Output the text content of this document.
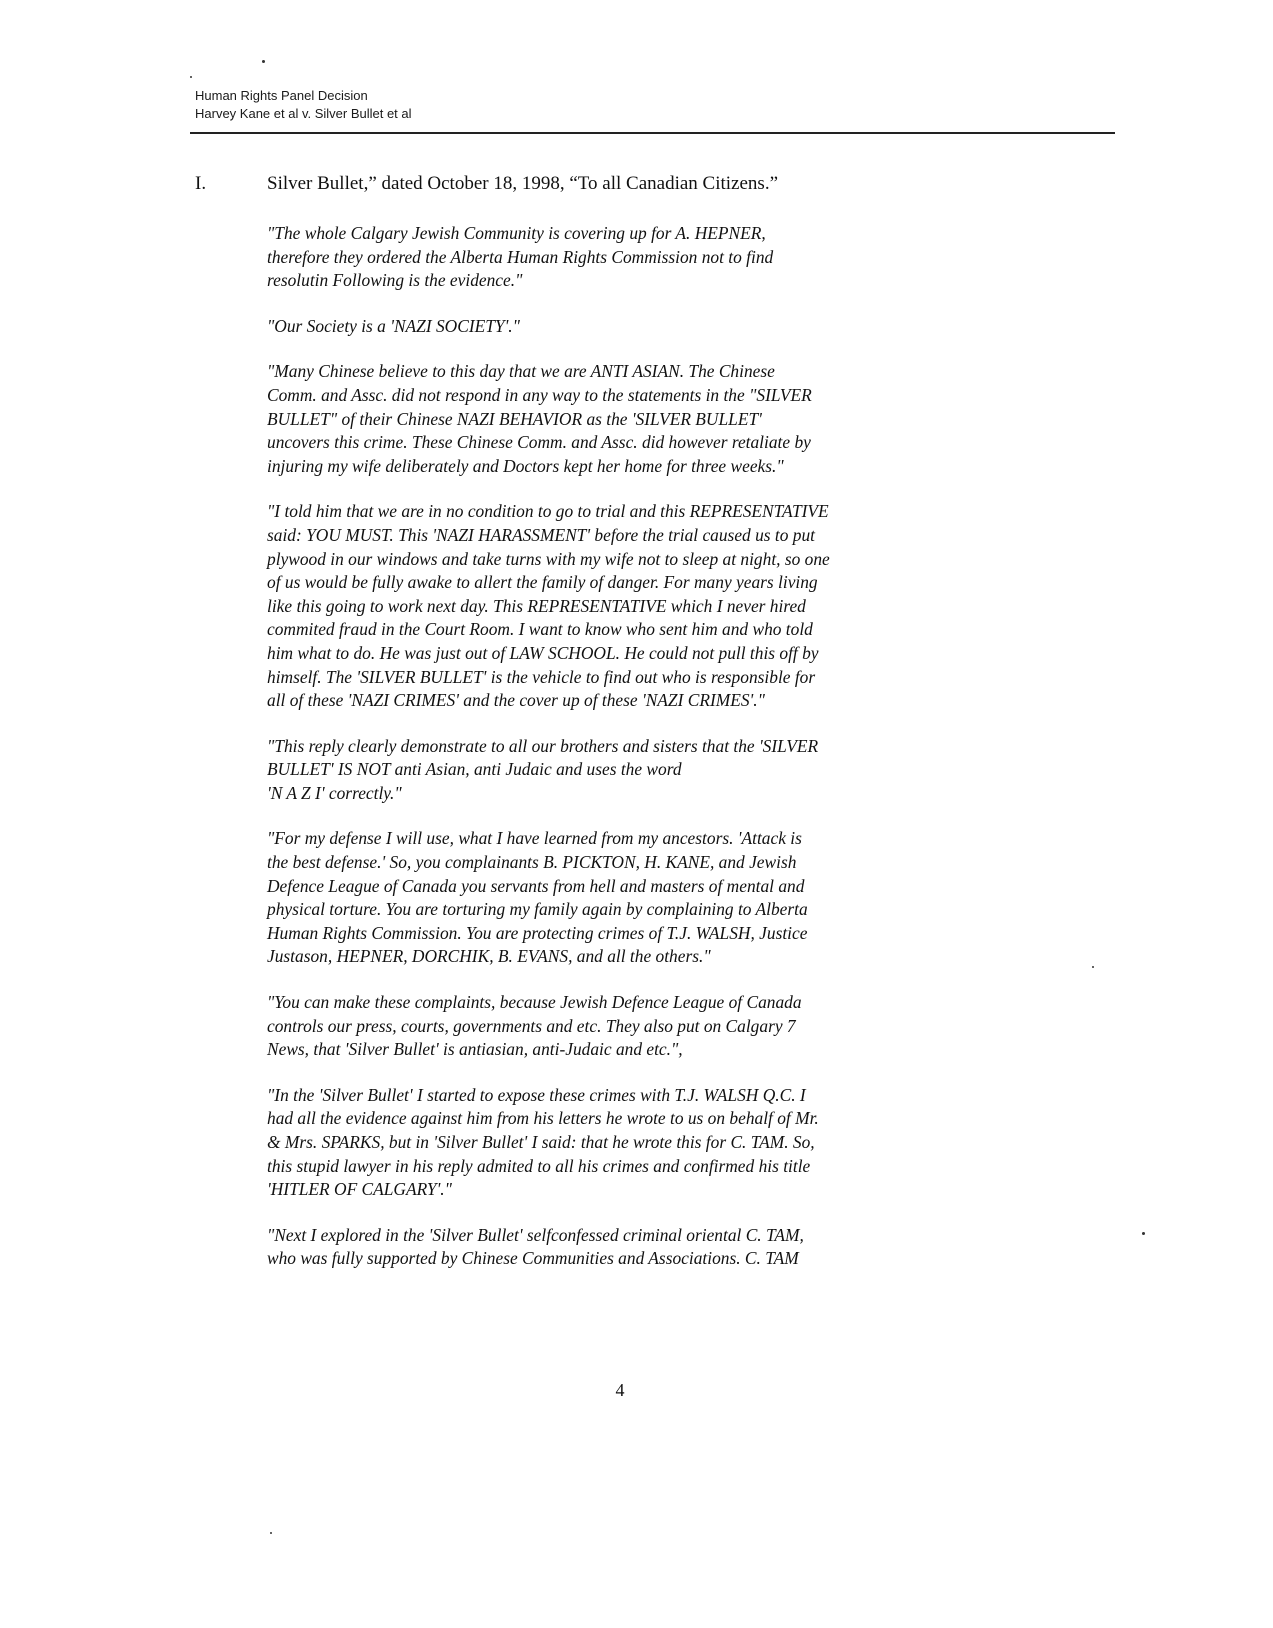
Human Rights Panel Decision
Harvey Kane et al v. Silver Bullet et al
I.	Silver Bullet,” dated October 18, 1998, “To all Canadian Citizens.”
"The whole Calgary Jewish Community is covering up for A. HEPNER,
therefore they ordered the Alberta Human Rights Commission not to find
resolutin Following is the evidence."
"Our Society is a 'NAZI SOCIETY'."
"Many Chinese believe to this day that we are ANTI ASIAN. The Chinese
Comm. and Assc. did not respond in any way to the statements in the "SILVER
BULLET" of their Chinese NAZI BEHAVIOR as the 'SILVER BULLET'
uncovers this crime. These Chinese Comm. and Assc. did however retaliate by
injuring my wife deliberately and Doctors kept her home for three weeks."
"I told him that we are in no condition to go to trial and this REPRESENTATIVE
said: YOU MUST. This 'NAZI HARASSMENT' before the trial caused us to put
plywood in our windows and take turns with my wife not to sleep at night, so one
of us would be fully awake to allert the family of danger. For many years living
like this going to work next day. This REPRESENTATIVE which I never hired
commited fraud in the Court Room. I want to know who sent him and who told
him what to do. He was just out of LAW SCHOOL. He could not pull this off by
himself. The 'SILVER BULLET' is the vehicle to find out who is responsible for
all of these 'NAZI CRIMES' and the cover up of these 'NAZI CRIMES'."
"This reply clearly demonstrate to all our brothers and sisters that the 'SILVER
BULLET' IS NOT anti Asian, anti Judaic and uses the word
'N A Z I' correctly."
"For my defense I will use, what I have learned from my ancestors. 'Attack is
the best defense.' So, you complainants B. PICKTON, H. KANE, and Jewish
Defence League of Canada you servants from hell and masters of mental and
physical torture. You are torturing my family again by complaining to Alberta
Human Rights Commission. You are protecting crimes of T.J. WALSH, Justice
Justason, HEPNER, DORCHIK, B. EVANS, and all the others."
"You can make these complaints, because Jewish Defence League of Canada
controls our press, courts, governments and etc. They also put on Calgary 7
News, that 'Silver Bullet' is antiasian, anti-Judaic and etc.",
"In the 'Silver Bullet' I started to expose these crimes with T.J. WALSH Q.C. I
had all the evidence against him from his letters he wrote to us on behalf of Mr.
& Mrs. SPARKS, but in 'Silver Bullet' I said: that he wrote this for C. TAM. So,
this stupid lawyer in his reply admited to all his crimes and confirmed his title
'HITLER OF CALGARY'."
"Next I explored in the 'Silver Bullet' selfconfessed criminal oriental C. TAM,
who was fully supported by Chinese Communities and Associations. C. TAM
4
